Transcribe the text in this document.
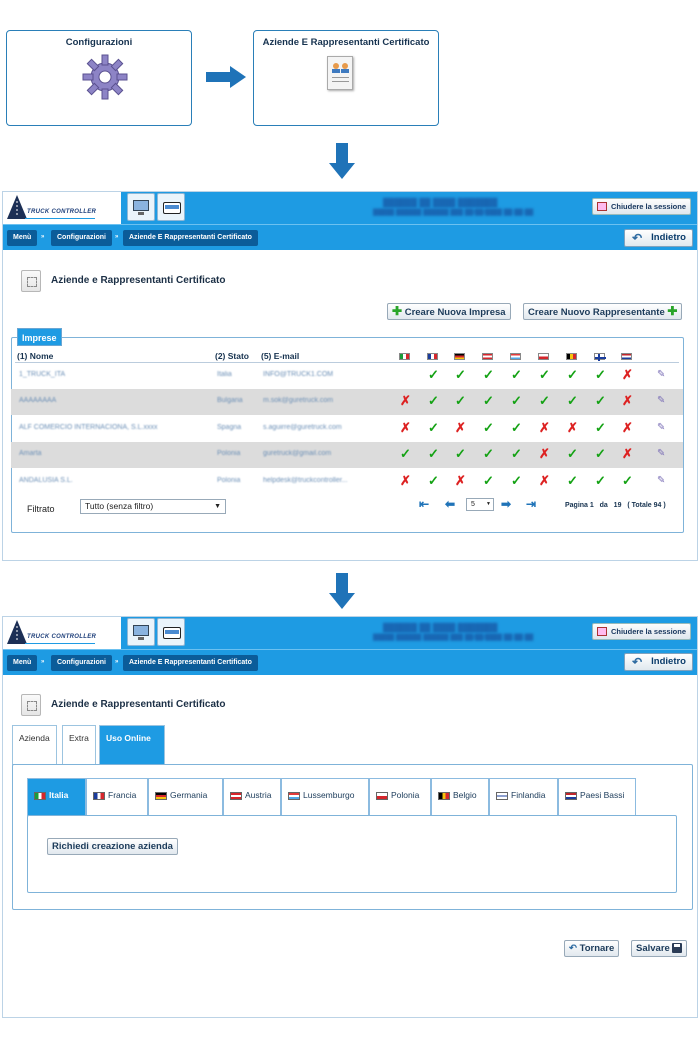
Configurazioni	Aziende E Rappresentanti Certificato
TRUCK CONTROLLER
██████ ██ ████ ███████
█████ ██████ ██████ ███ ██/██/████ ██:██:██
Chiudere la sessione
Menù	»	Configurazioni	»	Aziende E Rappresentanti Certificato	↶ Indietro
Aziende e Rappresentanti Certificato
✚ Creare Nuova Impresa	Creare Nuovo Rappresentante ✚
Imprese
(1) Nome	(2) Stato (5) E-mail
1_TRUCK_ITA	Italia	INFO@TRUCK1.COM	✓ ✓ ✓ ✓ ✓ ✓ ✓ ✗ ✎
AAAAAAAA	Bulgaria	m.sok@guretruck.com	✗ ✓ ✓ ✓ ✓ ✓ ✓ ✓ ✗ ✎
ALF COMERCIO INTERNACIONA, S.L.xxxx	Spagna	s.aguirre@guretruck.com	✗ ✓ ✗ ✓ ✓ ✗ ✗ ✓ ✗ ✎
Amarta	Polonia	guretruck@gmail.com	✓ ✓ ✓ ✓ ✓ ✗ ✓ ✓ ✗ ✎
ANDALUSIA S.L.	Polonia	helpdesk@truckcontroller...	✗ ✓ ✗ ✓ ✓ ✗ ✓ ✓ ✓ ✎
Filtrato	Tutto (senza filtro)	▼	⇤ ⬅	5 ▼ ➡ ⇥	Pagina 1 da 19 ( Totale 94 )
TRUCK CONTROLLER
██████ ██ ████ ███████
█████ ██████ ██████ ███ ██/██/████ ██:██:██
Chiudere la sessione
Menù	»	Configurazioni	»	Aziende E Rappresentanti Certificato	↶ Indietro
Aziende e Rappresentanti Certificato
Azienda	Extra	Uso Online
Italia	Francia	Germania	Austria	Lussemburgo	Polonia	Belgio	Finlandia	Paesi Bassi
Richiedi creazione azienda
↶ Tornare	Salvare
